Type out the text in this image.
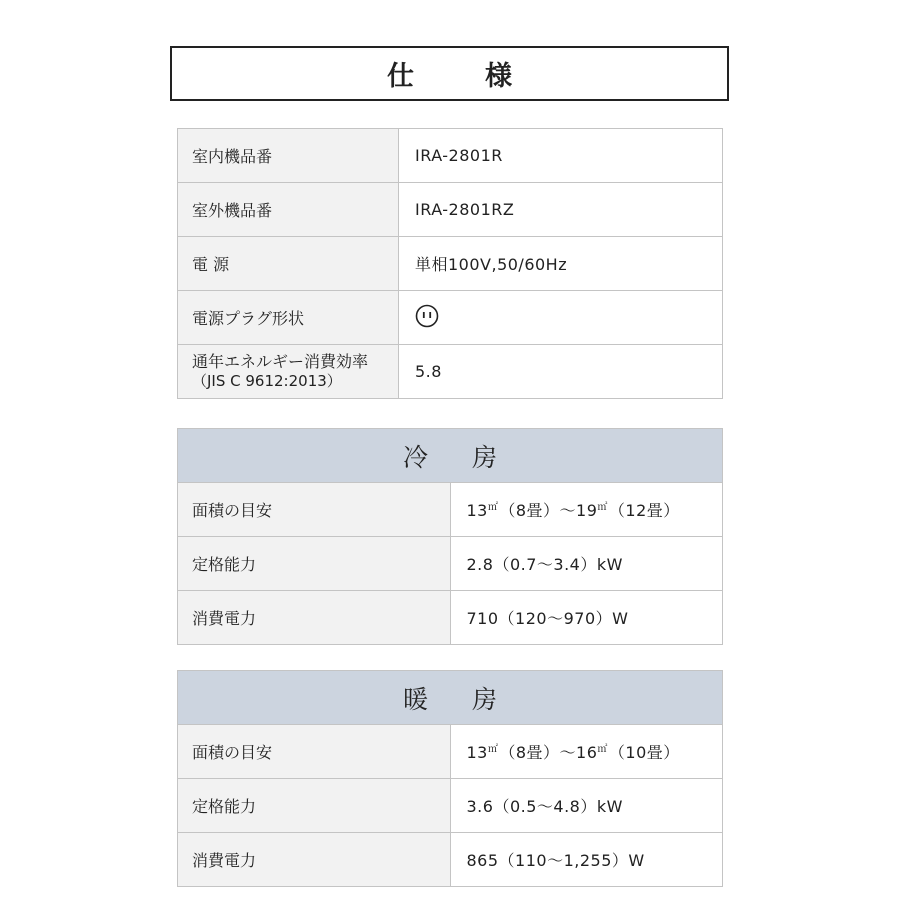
仕　様
室内機品番	IRA-2801R
室外機品番	IRA-2801RZ
電 源	単相100V,50/60Hz
電源プラグ形状	

通年エネルギー消費効率
（JIS C 9612:2013）	5.8
冷 房	
面積の目安	13㎡（8畳）～19㎡（12畳）
定格能力	2.8（0.7～3.4）kW
消費電力	710（120～970）W
暖 房	
面積の目安	13㎡（8畳）～16㎡（10畳）
定格能力	3.6（0.5～4.8）kW
消費電力	865（110～1,255）W
